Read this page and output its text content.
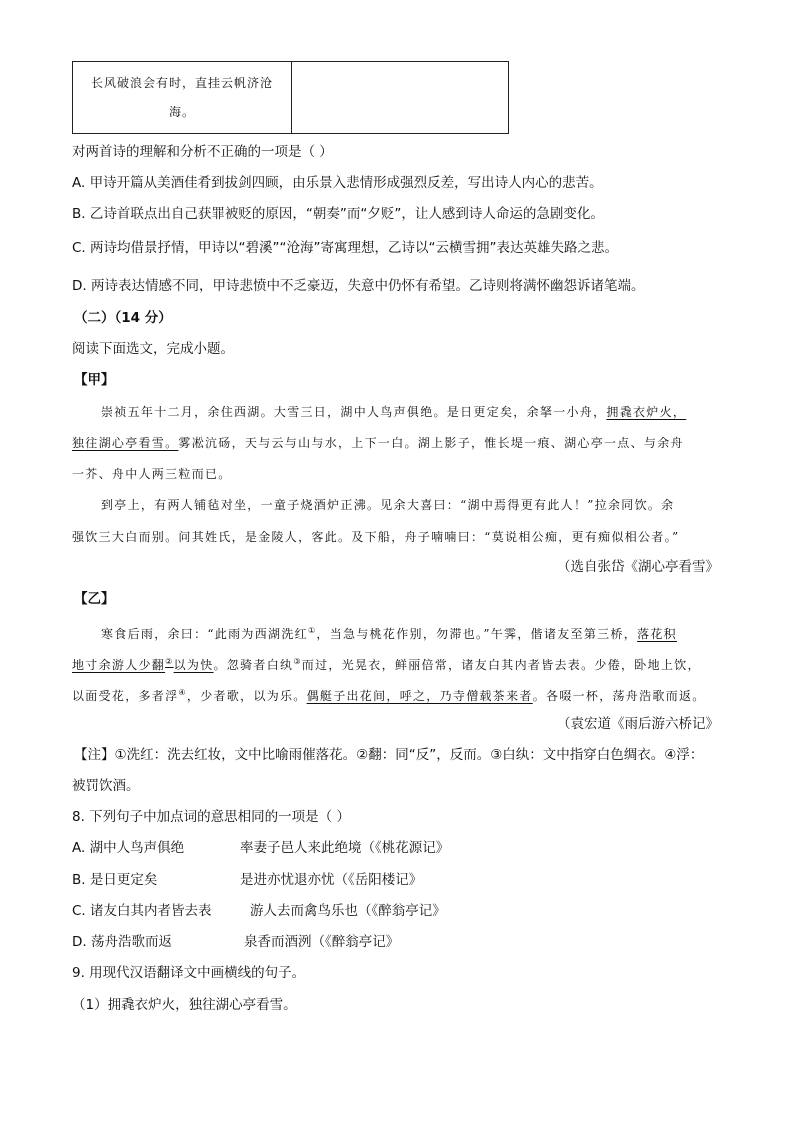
长风破浪会有时，直挂云帆济沧
海。

对两首诗的理解和分析不正确的一项是（ ）
A. 甲诗开篇从美酒佳肴到拔剑四顾，由乐景入悲情形成强烈反差，写出诗人内心的悲苦。
B. 乙诗首联点出自己获罪被贬的原因，“朝奏”而“夕贬”，让人感到诗人命运的急剧变化。
C. 两诗均借景抒情，甲诗以“碧溪”“沧海”寄寓理想，乙诗以“云横雪拥”表达英雄失路之悲。
D. 两诗表达情感不同，甲诗悲愤中不乏豪迈，失意中仍怀有希望。乙诗则将满怀幽怨诉诸笔端。
（二）（14 分）
阅读下面选文，完成小题。
【甲】
崇祯五年十二月，余住西湖。大雪三日，湖中人鸟声俱绝。是日更定矣，余拏一小舟，拥毳衣炉火，
独往湖心亭看雪。雾凇沆砀，天与云与山与水，上下一白。湖上影子，惟长堤一痕、湖心亭一点、与余舟
一芥、舟中人两三粒而已。
到亭上，有两人铺毡对坐，一童子烧酒炉正沸。见余大喜曰：“湖中焉得更有此人！”拉余同饮。余
强饮三大白而别。问其姓氏，是金陵人，客此。及下船，舟子喃喃曰：“莫说相公痴，更有痴似相公者。”
（选自张岱《湖心亭看雪》
【乙】
寒食后雨，余曰：“此雨为西湖洗红①，当急与桃花作别，勿滞也。”午霁，偕诸友至第三桥，落花积
地寸余游人少翻②以为快。忽骑者白纨③而过，光晃衣，鲜丽倍常，诸友白其内者皆去表。少倦，卧地上饮，
以面受花，多者浮④，少者歌，以为乐。偶艇子出花间，呼之，乃寺僧载茶来者。各啜一杯，荡舟浩歌而返。
（袁宏道《雨后游六桥记》
【注】①洗红：洗去红妆，文中比喻雨催落花。②翻：同“反”，反而。③白纨：文中指穿白色绸衣。④浮：
被罚饮酒。
8. 下列句子中加点词的意思相同的一项是（ ）
A. 湖中人鸟声俱绝	率妻子邑人来此绝境（《桃花源记》
B. 是日更定矣	是进亦忧退亦忧（《岳阳楼记》
C. 诸友白其内者皆去表	游人去而禽鸟乐也（《醉翁亭记》
D. 荡舟浩歌而返	泉香而酒洌（《醉翁亭记》
9. 用现代汉语翻译文中画横线的句子。
（1）拥毳衣炉火，独往湖心亭看雪。
